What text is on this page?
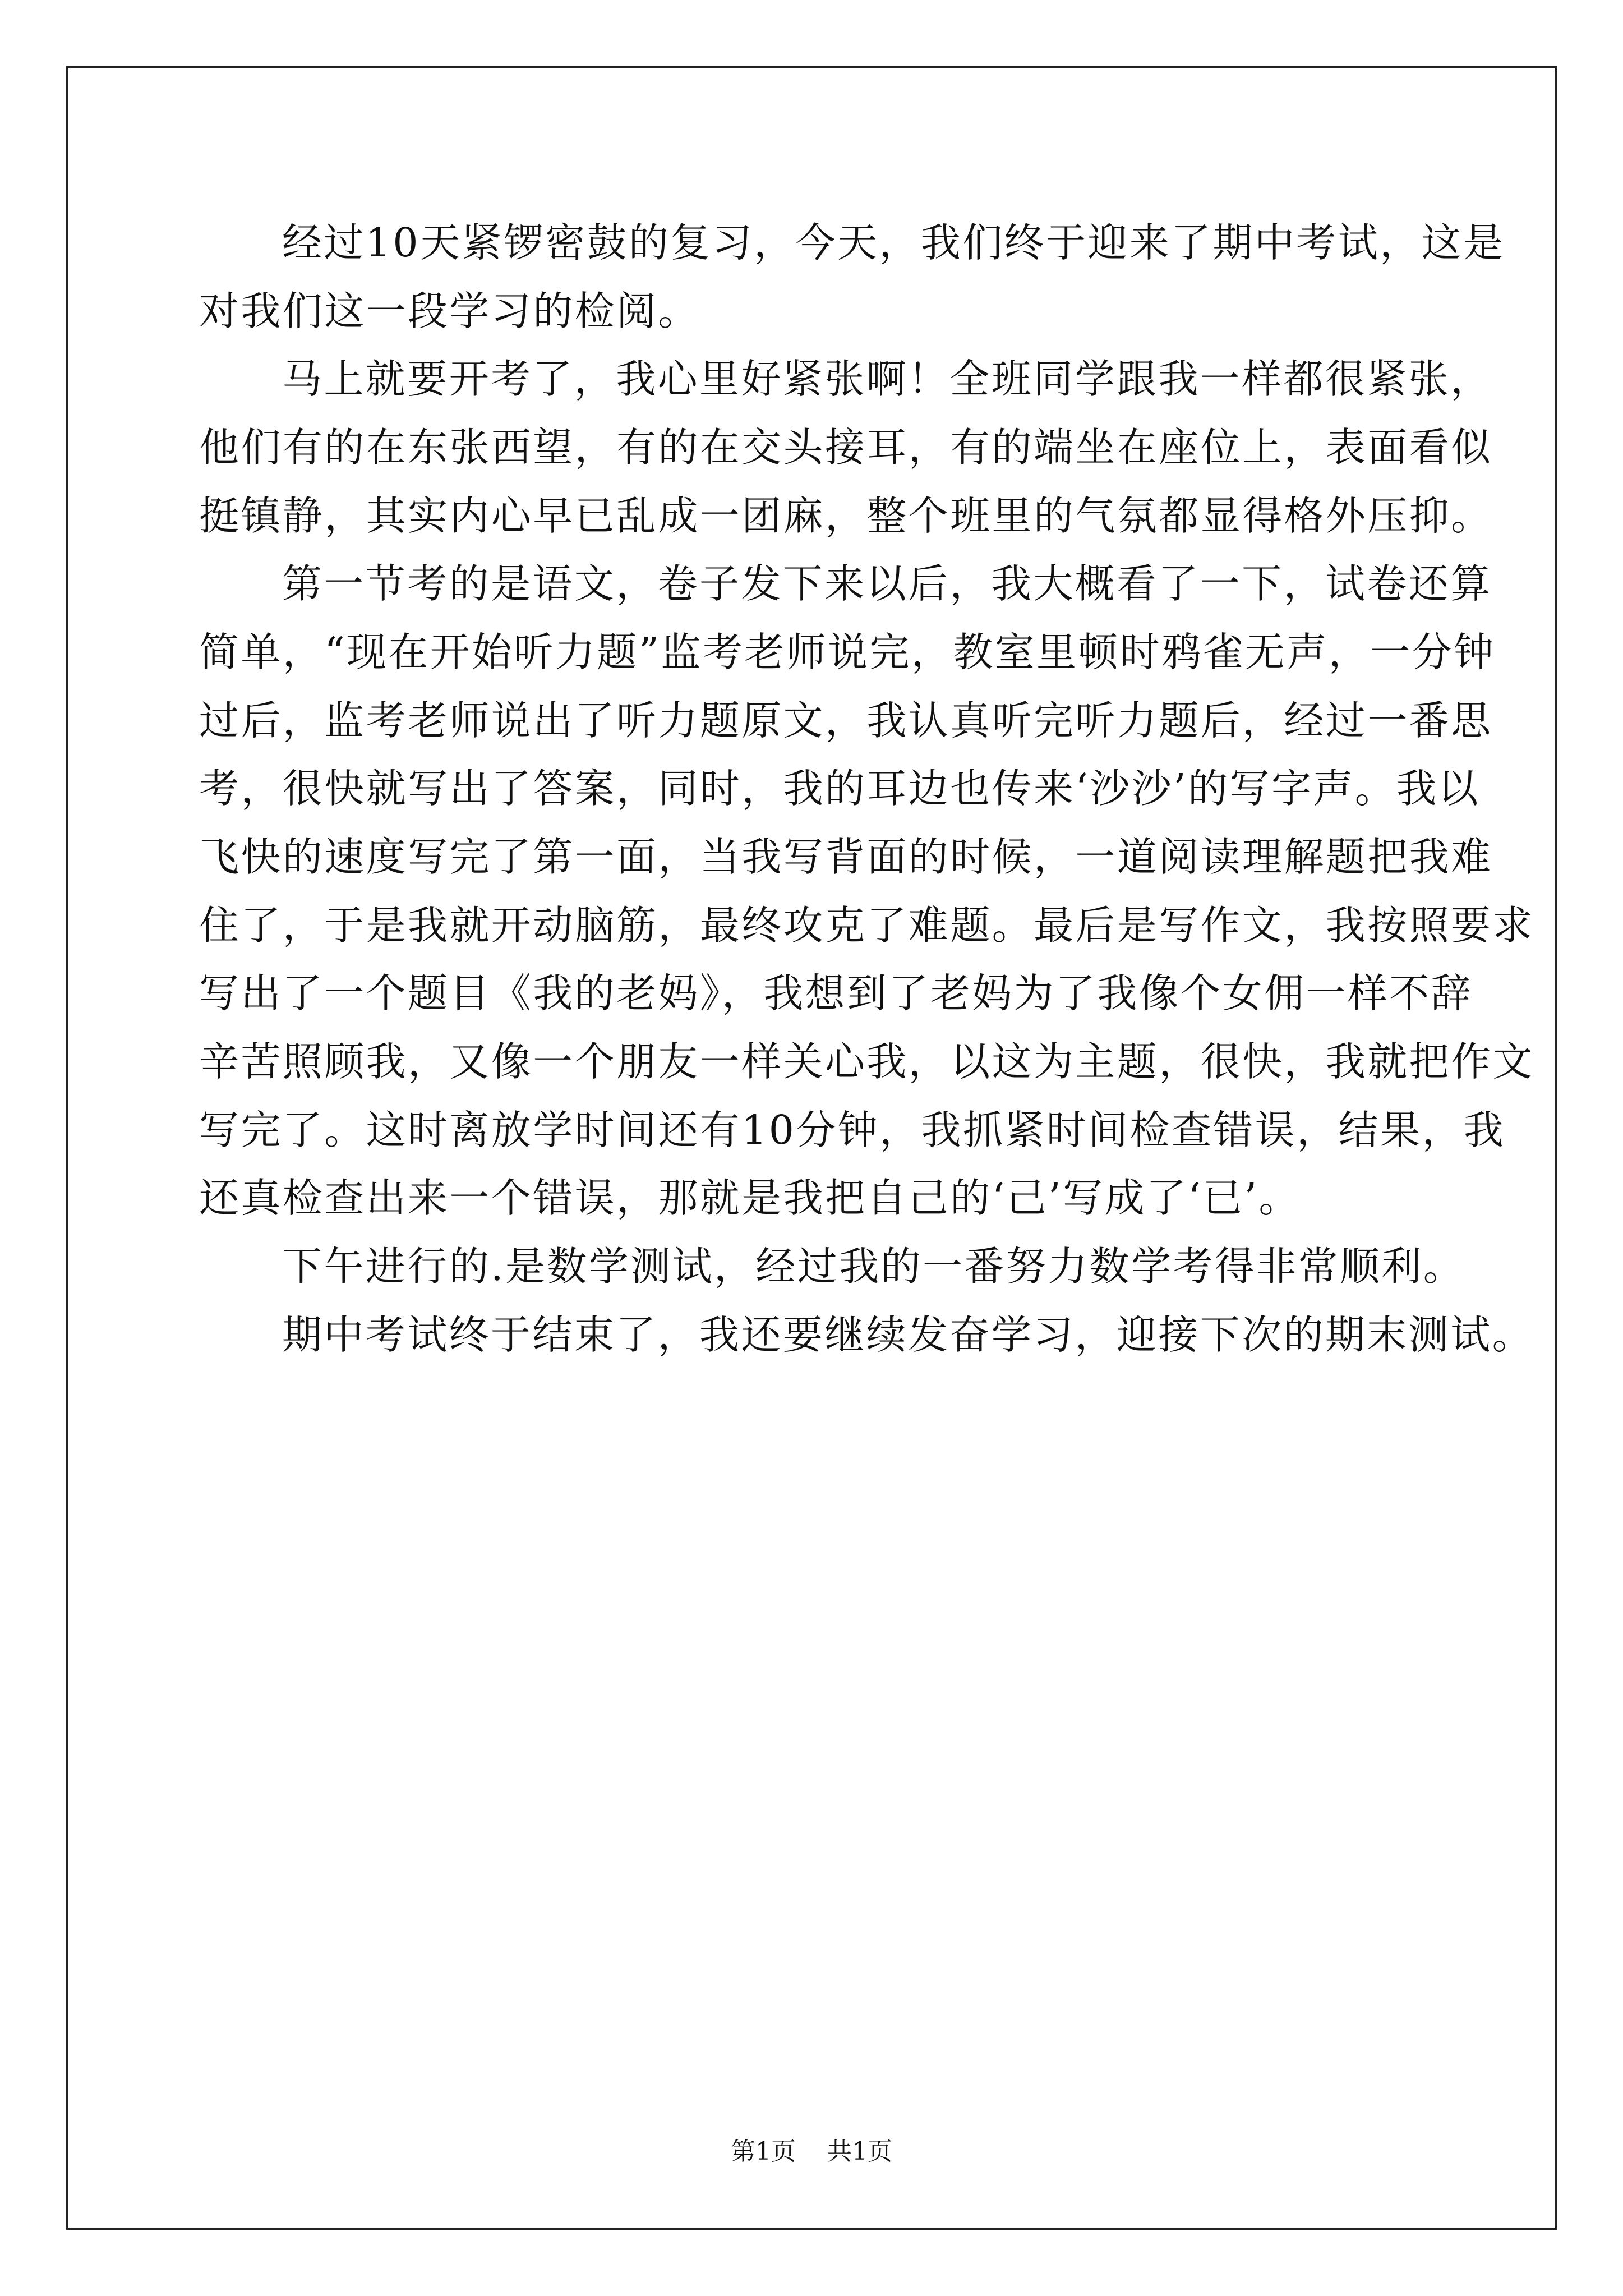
经过10天紧锣密鼓的复习，今天，我们终于迎来了期中考试，这是
对我们这一段学习的检阅。
马上就要开考了，我心里好紧张啊！全班同学跟我一样都很紧张，
他们有的在东张西望，有的在交头接耳，有的端坐在座位上，表面看似
挺镇静，其实内心早已乱成一团麻，整个班里的气氛都显得格外压抑。
第一节考的是语文，卷子发下来以后，我大概看了一下，试卷还算
简单，“现在开始听力题”监考老师说完，教室里顿时鸦雀无声，一分钟
过后，监考老师说出了听力题原文，我认真听完听力题后，经过一番思
考，很快就写出了答案，同时，我的耳边也传来‘沙沙’的写字声。我以
飞快的速度写完了第一面，当我写背面的时候，一道阅读理解题把我难
住了，于是我就开动脑筋，最终攻克了难题。最后是写作文，我按照要求
写出了一个题目《我的老妈》，我想到了老妈为了我像个女佣一样不辞
辛苦照顾我，又像一个朋友一样关心我，以这为主题，很快，我就把作文
写完了。这时离放学时间还有10分钟，我抓紧时间检查错误，结果，我
还真检查出来一个错误，那就是我把自己的‘己’写成了‘已’。
下午进行的.是数学测试，经过我的一番努力数学考得非常顺利。
期中考试终于结束了，我还要继续发奋学习，迎接下次的期末测试。
第1页 共1页
